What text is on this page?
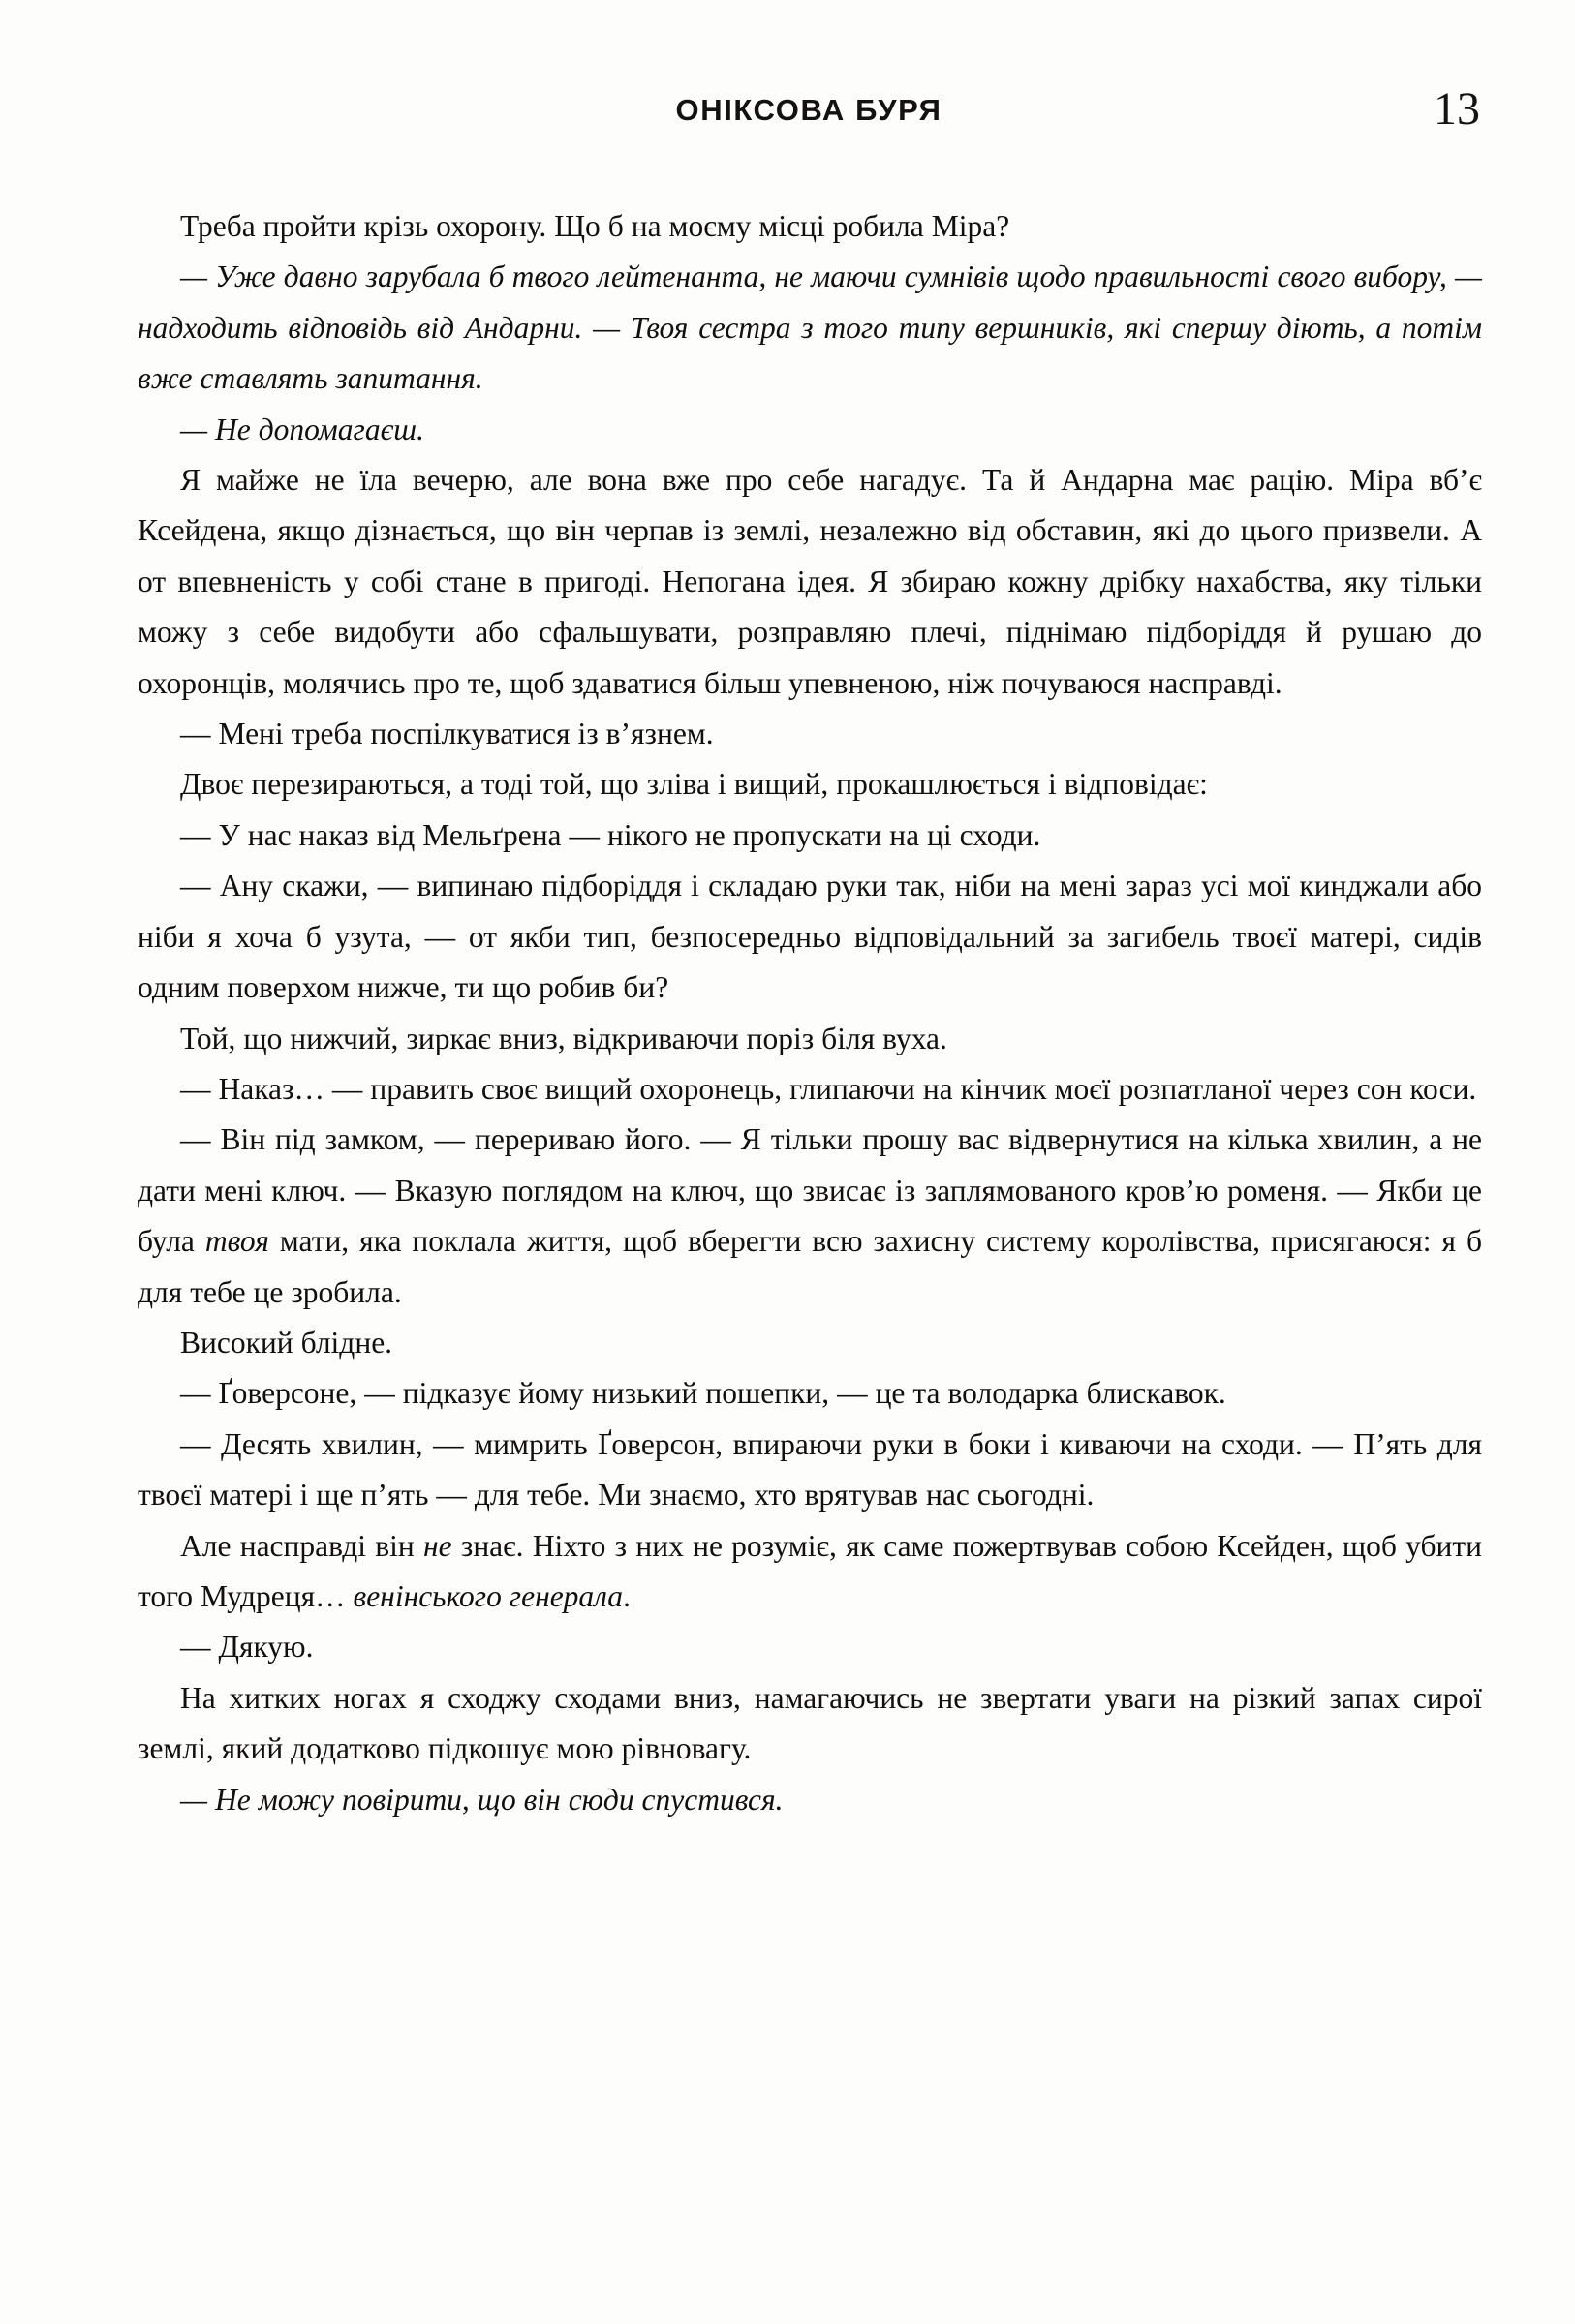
ОНІКСОВА БУРЯ	13

Треба пройти крізь охорону. Що б на моєму місці робила Міра?

— Уже давно зарубала б твого лейтенанта, не маючи сумнівів щодо правильності свого вибору, — надходить відповідь від Андарни. — Твоя сестра з того типу вершників, які спершу діють, а потім вже ставлять запитання.

— Не допомагаєш.

Я майже не їла вечерю, але вона вже про себе нагадує. Та й Андарна має рацію. Міра вб’є Ксейдена, якщо дізнається, що він черпав із землі, незалежно від обставин, які до цього призвели. А от впевненість у собі стане в пригоді. Непогана ідея. Я збираю кожну дрібку нахабства, яку тільки можу з себе видобути або сфальшувати, розправляю плечі, піднімаю підборіддя й рушаю до охоронців, молячись про те, щоб здаватися більш упевненою, ніж почуваюся насправді.

— Мені треба поспілкуватися із в’язнем.

Двоє перезираються, а тоді той, що зліва і вищий, прокашлюється і відповідає:

— У нас наказ від Мельґрена — нікого не пропускати на ці сходи.

— Ану скажи, — випинаю підборіддя і складаю руки так, ніби на мені зараз усі мої кинджали або ніби я хоча б узута, — от якби тип, безпосередньо відповідальний за загибель твоєї матері, сидів одним поверхом нижче, ти що робив би?

Той, що нижчий, зиркає вниз, відкриваючи поріз біля вуха.

— Наказ… — править своє вищий охоронець, глипаючи на кінчик моєї розпатланої через сон коси.

— Він під замком, — перериваю його. — Я тільки прошу вас відвернутися на кілька хвилин, а не дати мені ключ. — Вказую поглядом на ключ, що звисає із заплямованого кров’ю роменя. — Якби це була твоя мати, яка поклала життя, щоб вберегти всю захисну систему королівства, присягаюся: я б для тебе це зробила.

Високий блідне.

— Ґоверсоне, — підказує йому низький пошепки, — це та володарка блискавок.

— Десять хвилин, — мимрить Ґоверсон, впираючи руки в боки і киваючи на сходи. — П’ять для твоєї матері і ще п’ять — для тебе. Ми знаємо, хто врятував нас сьогодні.

Але насправді він не знає. Ніхто з них не розуміє, як саме пожертвував собою Ксейден, щоб убити того Мудреця… венінського генерала.

— Дякую.

На хитких ногах я сходжу сходами вниз, намагаючись не звертати уваги на різкий запах сирої землі, який додатково підкошує мою рівновагу.

— Не можу повірити, що він сюди спустився.
